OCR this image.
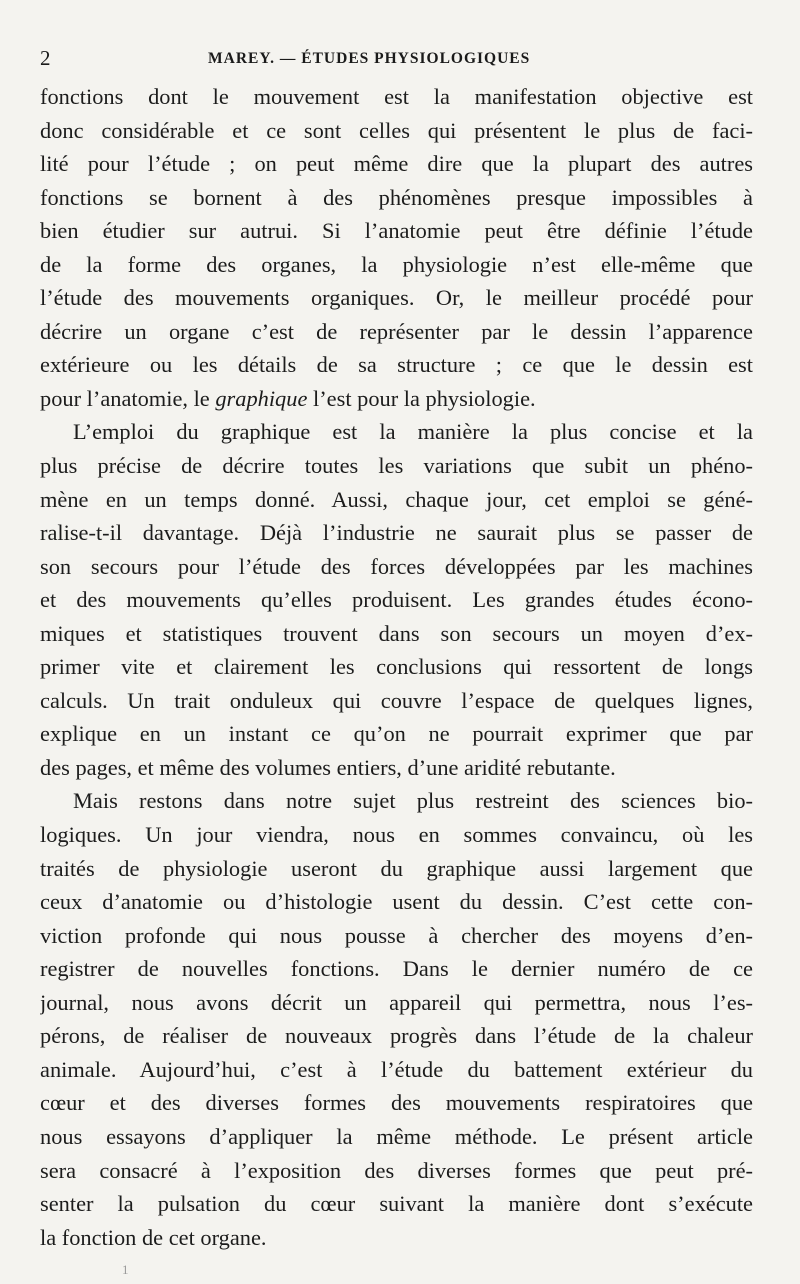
2	MAREY. — ÉTUDES PHYSIOLOGIQUES
fonctions dont le mouvement est la manifestation objective est
donc considérable et ce sont celles qui présentent le plus de faci-
lité pour l’étude ; on peut même dire que la plupart des autres
fonctions se bornent à des phénomènes presque impossibles à
bien étudier sur autrui. Si l’anatomie peut être définie l’étude
de la forme des organes, la physiologie n’est elle-même que
l’étude des mouvements organiques. Or, le meilleur procédé pour
décrire un organe c’est de représenter par le dessin l’apparence
extérieure ou les détails de sa structure ; ce que le dessin est
pour l’anatomie, le graphique l’est pour la physiologie.
L’emploi du graphique est la manière la plus concise et la
plus précise de décrire toutes les variations que subit un phéno-
mène en un temps donné. Aussi, chaque jour, cet emploi se géné-
ralise-t-il davantage. Déjà l’industrie ne saurait plus se passer de
son secours pour l’étude des forces développées par les machines
et des mouvements qu’elles produisent. Les grandes études écono-
miques et statistiques trouvent dans son secours un moyen d’ex-
primer vite et clairement les conclusions qui ressortent de longs
calculs. Un trait onduleux qui couvre l’espace de quelques lignes,
explique en un instant ce qu’on ne pourrait exprimer que par
des pages, et même des volumes entiers, d’une aridité rebutante.
Mais restons dans notre sujet plus restreint des sciences bio-
logiques. Un jour viendra, nous en sommes convaincu, où les
traités de physiologie useront du graphique aussi largement que
ceux d’anatomie ou d’histologie usent du dessin. C’est cette con-
viction profonde qui nous pousse à chercher des moyens d’en-
registrer de nouvelles fonctions. Dans le dernier numéro de ce
journal, nous avons décrit un appareil qui permettra, nous l’es-
pérons, de réaliser de nouveaux progrès dans l’étude de la chaleur
animale. Aujourd’hui, c’est à l’étude du battement extérieur du
cœur et des diverses formes des mouvements respiratoires que
nous essayons d’appliquer la même méthode. Le présent article
sera consacré à l’exposition des diverses formes que peut pré-
senter la pulsation du cœur suivant la manière dont s’exécute
la fonction de cet organe.
1
